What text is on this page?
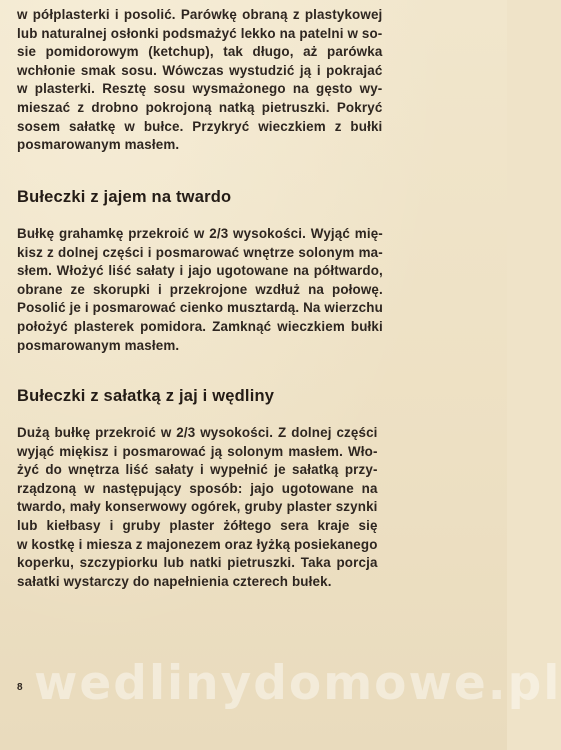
w półplasterki i posolić. Parówkę obraną z plastykowej
lub naturalnej osłonki podsmażyć lekko na patelni w so-
sie pomidorowym (ketchup), tak długo, aż parówka
wchłonie smak sosu. Wówczas wystudzić ją i pokrajać
w plasterki. Resztę sosu wysmażonego na gęsto wy-
mieszać z drobno pokrojoną natką pietruszki. Pokryć
sosem sałatkę w bułce. Przykryć wieczkiem z bułki
posmarowanym masłem.

Bułeczki z jajem na twardo

Bułkę grahamkę przekroić w 2/3 wysokości. Wyjąć mię-
kisz z dolnej części i posmarować wnętrze solonym ma-
słem. Włożyć liść sałaty i jajo ugotowane na półtwardo,
obrane ze skorupki i przekrojone wzdłuż na połowę.
Posolić je i posmarować cienko musztardą. Na wierzchu
położyć plasterek pomidora. Zamknąć wieczkiem bułki
posmarowanym masłem.

Bułeczki z sałatką z jaj i wędliny

Dużą bułkę przekroić w 2/3 wysokości. Z dolnej części
wyjąć miękisz i posmarować ją solonym masłem. Wło-
żyć do wnętrza liść sałaty i wypełnić je sałatką przy-
rządzoną w następujący sposób: jajo ugotowane na
twardo, mały konserwowy ogórek, gruby plaster szynki
lub kiełbasy i gruby plaster żółtego sera kraje się
w kostkę i miesza z majonezem oraz łyżką posiekanego
koperku, szczypiorku lub natki pietruszki. Taka porcja
sałatki wystarczy do napełnienia czterech bułek.

wedlinydomowe.pl
8
